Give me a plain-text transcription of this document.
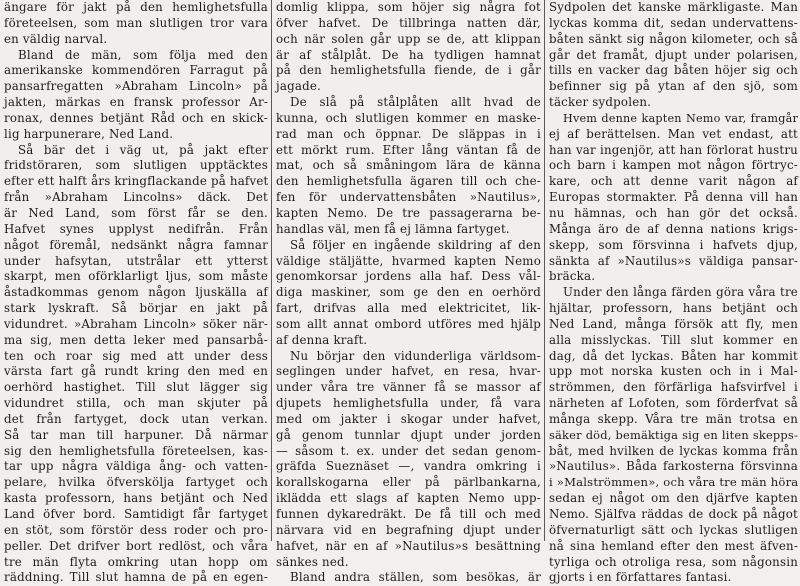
ängare för jakt på den hemlighetsfulla
företeelsen, som man slutligen tror vara
en väldig narval.
Bland de män, som följa med den
amerikanske kommendören Farragut på
pansarfregatten »Abraham Lincoln» på
jakten, märkas en fransk professor Ar-
ronax, dennes betjänt Råd och en skick-
lig harpunerare, Ned Land.
Så bär det i väg ut, på jakt efter
fridstöraren, som slutligen upptäcktes
efter ett halft års kringflackande på hafvet
från »Abraham Lincolns» däck. Det
är Ned Land, som först får se den.
Hafvet synes upplyst nedifrån. Från
något föremål, nedsänkt några famnar
under hafsytan, utstrålar ett ytterst
skarpt, men oförklarligt ljus, som måste
åstadkommas genom någon ljuskälla af
stark lyskraft. Så börjar en jakt på
vidundret. »Abraham Lincoln» söker när-
ma sig, men detta leker med pansarbå-
ten och roar sig med att under dess
värsta fart gå rundt kring den med en
oerhörd hastighet. Till slut lägger sig
vidundret stilla, och man skjuter på
det från fartyget, dock utan verkan.
Så tar man till harpuner. Då närmar
sig den hemlighetsfulla företeelsen, kas-
tar upp några väldiga ång- och vatten-
pelare, hvilka öfversköljа fartyget och
kasta professorn, hans betjänt och Ned
Land öfver bord. Samtidigt får fartyget
en stöt, som förstör dess roder och pro-
peller. Det drifver bort redlöst, och våra
tre män flyta omkring utan hopp om
räddning. Till slut hamna de på en egen-
domlig klippa, som höjer sig några fot
öfver hafvet. De tillbringa natten där,
och när solen går upp se de, att klippan
är af stålplåt. De ha tydligen hamnat
på den hemlighetsfulla fiende, de i går
jagade.
De slå på stålplåten allt hvad de
kunna, och slutligen kommer en maske-
rad man och öppnar. De släppas in i
ett mörkt rum. Efter lång väntan få de
mat, och så småningom lära de känna
den hemlighetsfulla ägaren till och che-
fen för undervattensbåten »Nautilus»,
kapten Nemo. De tre passagerarna be-
handlas väl, men få ej lämna fartyget.
Så följer en ingående skildring af den
väldige stäljätte, hvarmed kapten Nemo
genomkorsar jordens alla haf. Dess vål-
diga maskiner, som ge den en oerhörd
fart, drifvas alla med elektricitet, lik-
som allt annat ombord utföres med hjälp
af denna kraft.
Nu börjar den vidunderliga världsom-
seglingen under hafvet, en resa, hvar-
under våra tre vänner få se massor af
djupets hemlighetsfulla under, få vara
med om jakter i skogar under hafvet,
gå genom tunnlar djupt under jorden
— såsom t. ex. under det sedan genom-
gräfda Sueznäset —, vandra omkring i
korallskogarna eller på pärlbankarna,
iklädda ett slags af kapten Nemo upp-
funnen dykaredräkt. De få till och med
närvara vid en begrafning djupt under
hafvet, när en af »Nautilus»s besättning
sänkes ned.
Bland andra ställen, som besökas, är
Sydpolen det kanske märkligaste. Man
lyckas komma dit, sedan undervattens-
båten sänkt sig någon kilometer, och så
går det framåt, djupt under polarisen,
tills en vacker dag båten höjer sig och
befinner sig på ytan af den sjö, som
täcker sydpolen.
Hvem denne kapten Nemo var, framgår
ej af berättelsen. Man vet endast, att
han var ingenjör, att han förlorat hustru
och barn i kampen mot någon förtryc-
kare, och att denne varit någon af
Europas stormakter. På denna vill han
nu hämnas, och han gör det också.
Många äro de af denna nations krigs-
skepp, som försvinna i hafvets djup,
sänkta af »Nautilus»s väldiga pansar-
bräcka.
Under den långa färden göra våra tre
hjältar, professorn, hans betjänt och
Ned Land, många försök att fly, men
alla misslyckas. Till slut kommer en
dag, då det lyckas. Båten har kommit
upp mot norska kusten och in i Mal-
strömmen, den förfärliga hafsvirfvel i
närheten af Lofoten, som förderfvat så
många skepp. Våra tre män trotsa en
säker död, bemäktiga sig en liten skepps-
båt, med hvilken de lyckas komma från
»Nautilus». Båda farkosterna försvinna
i »Malströmmen», och våra tre män höra
sedan ej något om den djärfve kapten
Nemo. Själfva räddas de dock på något
öfvernaturligt sätt och lyckas slutligen
nå sina hemland efter den mest äfven-
tyrliga och otroliga resa, som någonsin
gjorts i en författares fantasi.
